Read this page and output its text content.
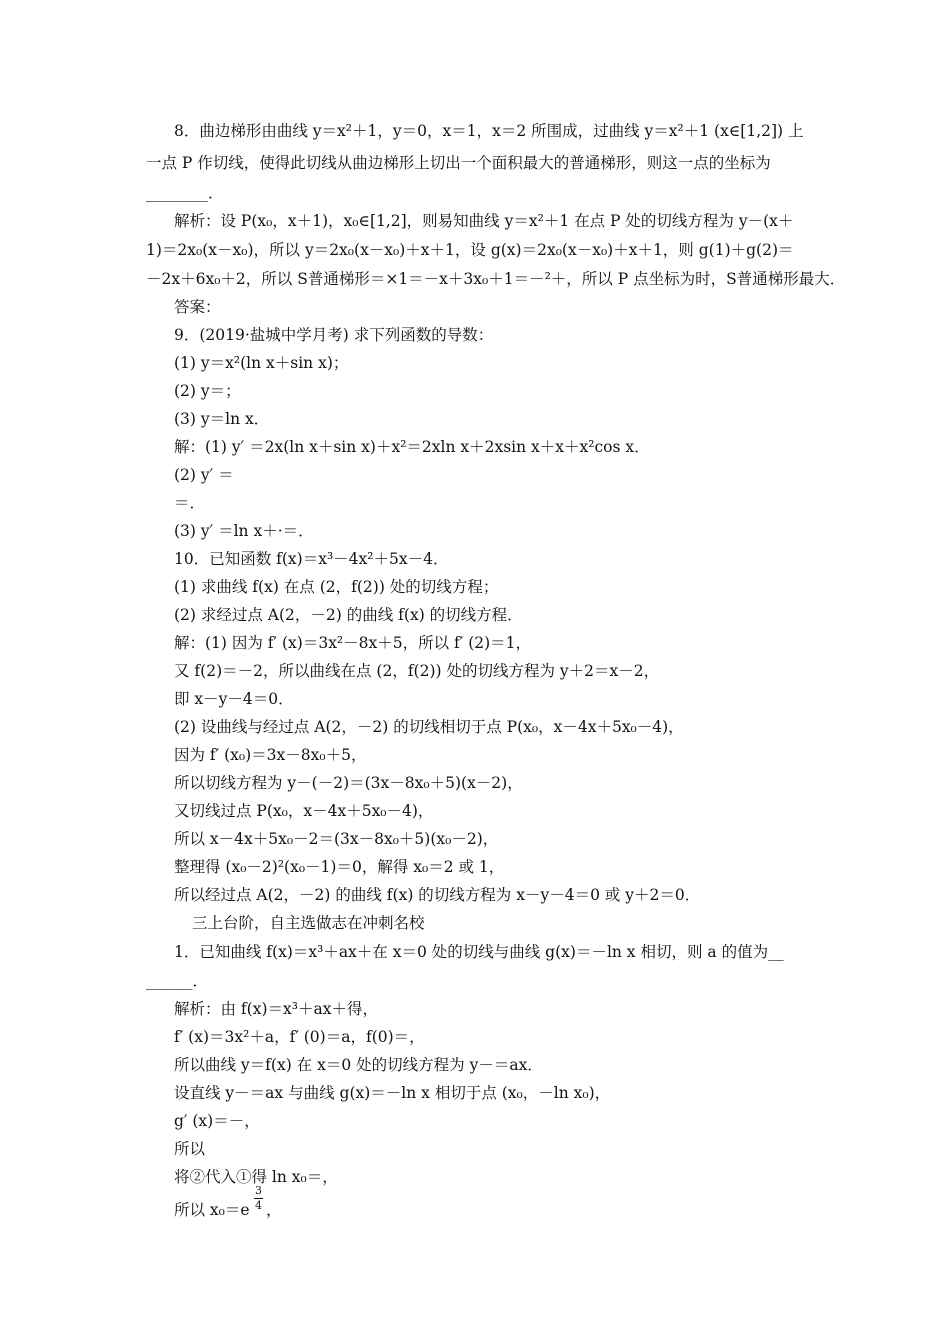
8．曲边梯形由曲线 y＝x²＋1，y＝0，x＝1，x＝2 所围成，过曲线 y＝x²＋1 (x∈[1,2]) 上
一点 P 作切线，使得此切线从曲边梯形上切出一个面积最大的普通梯形，则这一点的坐标为
________．
解析：设 P(x₀，x＋1)，x₀∈[1,2]，则易知曲线 y＝x²＋1 在点 P 处的切线方程为 y－(x＋
1)＝2x₀(x－x₀)，所以 y＝2x₀(x－x₀)＋x＋1，设 g(x)＝2x₀(x－x₀)＋x＋1，则 g(1)＋g(2)＝
－2x＋6x₀＋2，所以 S普通梯形＝×1＝－x＋3x₀＋1＝－²＋，所以 P 点坐标为时，S普通梯形最大．
答案：
9．(2019·盐城中学月考) 求下列函数的导数：
(1) y＝x²(ln x＋sin x)；
(2) y＝；
(3) y＝ln x．
解：(1) y′ ＝2x(ln x＋sin x)＋x²＝2xln x＋2xsin x＋x＋x²cos x．
(2) y′ ＝
＝．
(3) y′ ＝ln x＋·＝．
10．已知函数 f(x)＝x³－4x²＋5x－4．
(1) 求曲线 f(x) 在点 (2，f(2)) 处的切线方程；
(2) 求经过点 A(2，－2) 的曲线 f(x) 的切线方程．
解：(1) 因为 f′ (x)＝3x²－8x＋5，所以 f′ (2)＝1，
又 f(2)＝－2，所以曲线在点 (2，f(2)) 处的切线方程为 y＋2＝x－2，
即 x－y－4＝0．
(2) 设曲线与经过点 A(2，－2) 的切线相切于点 P(x₀，x－4x＋5x₀－4)，
因为 f′ (x₀)＝3x－8x₀＋5，
所以切线方程为 y－(－2)＝(3x－8x₀＋5)(x－2)，
又切线过点 P(x₀，x－4x＋5x₀－4)，
所以 x－4x＋5x₀－2＝(3x－8x₀＋5)(x₀－2)，
整理得 (x₀－2)²(x₀－1)＝0，解得 x₀＝2 或 1，
所以经过点 A(2，－2) 的曲线 f(x) 的切线方程为 x－y－4＝0 或 y＋2＝0．
三上台阶，自主选做志在冲刺名校
1．已知曲线 f(x)＝x³＋ax＋在 x＝0 处的切线与曲线 g(x)＝－ln x 相切，则 a 的值为__
______．
解析：由 f(x)＝x³＋ax＋得，
f′ (x)＝3x²＋a，f′ (0)＝a，f(0)＝，
所以曲线 y＝f(x) 在 x＝0 处的切线方程为 y－＝ax．
设直线 y－＝ax 与曲线 g(x)＝－ln x 相切于点 (x₀，－ln x₀)，
g′ (x)＝－，
所以
将②代入①得 ln x₀＝，
所以 x₀＝e
3
4 ，
